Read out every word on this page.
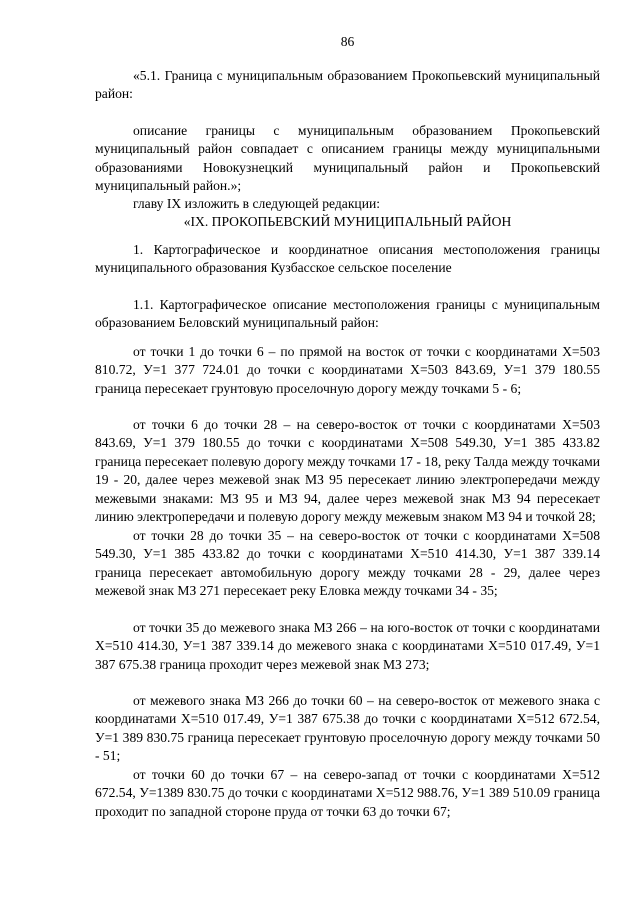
86

«5.1. Граница с муниципальным образованием Прокопьевский муниципальный район:

описание границы с муниципальным образованием Прокопьевский муниципальный район совпадает с описанием границы между муниципальными образованиями Новокузнецкий муниципальный район и Прокопьевский муниципальный район.»;

главу IX изложить в следующей редакции:

«IX. ПРОКОПЬЕВСКИЙ МУНИЦИПАЛЬНЫЙ РАЙОН

1. Картографическое и координатное описания местоположения границы муниципального образования Кузбасское сельское поселение

1.1. Картографическое описание местоположения границы с муниципальным образованием Беловский муниципальный район:

от точки 1 до точки 6 – по прямой на восток от точки с координатами Х=503 810.72, У=1 377 724.01 до точки с координатами Х=503 843.69, У=1 379 180.55 граница пересекает грунтовую проселочную дорогу между точками 5 - 6;

от точки 6 до точки 28 – на северо-восток от точки с координатами Х=503 843.69, У=1 379 180.55 до точки с координатами Х=508 549.30, У=1 385 433.82 граница пересекает полевую дорогу между точками 17 - 18, реку Талда между точками 19 - 20, далее через межевой знак МЗ 95 пересекает линию электропередачи между межевыми знаками: МЗ 95 и МЗ 94, далее через межевой знак МЗ 94 пересекает линию электропередачи и полевую дорогу между межевым знаком МЗ 94 и точкой 28;

от точки 28 до точки 35 – на северо-восток от точки с координатами Х=508 549.30, У=1 385 433.82 до точки с координатами Х=510 414.30, У=1 387 339.14 граница пересекает автомобильную дорогу между точками 28 - 29, далее через межевой знак МЗ 271 пересекает реку Еловка между точками 34 - 35;

от точки 35 до межевого знака МЗ 266 – на юго-восток от точки с координатами Х=510 414.30, У=1 387 339.14 до межевого знака с координатами Х=510 017.49, У=1 387 675.38 граница проходит через межевой знак МЗ 273;

от межевого знака МЗ 266 до точки 60 – на северо-восток от межевого знака с координатами Х=510 017.49, У=1 387 675.38 до точки с координатами Х=512 672.54, У=1 389 830.75 граница пересекает грунтовую проселочную дорогу между точками 50 - 51;

от точки 60 до точки 67 – на северо-запад от точки с координатами Х=512 672.54, У=1389 830.75 до точки с координатами Х=512 988.76, У=1 389 510.09 граница проходит по западной стороне пруда от точки 63 до точки 67;
